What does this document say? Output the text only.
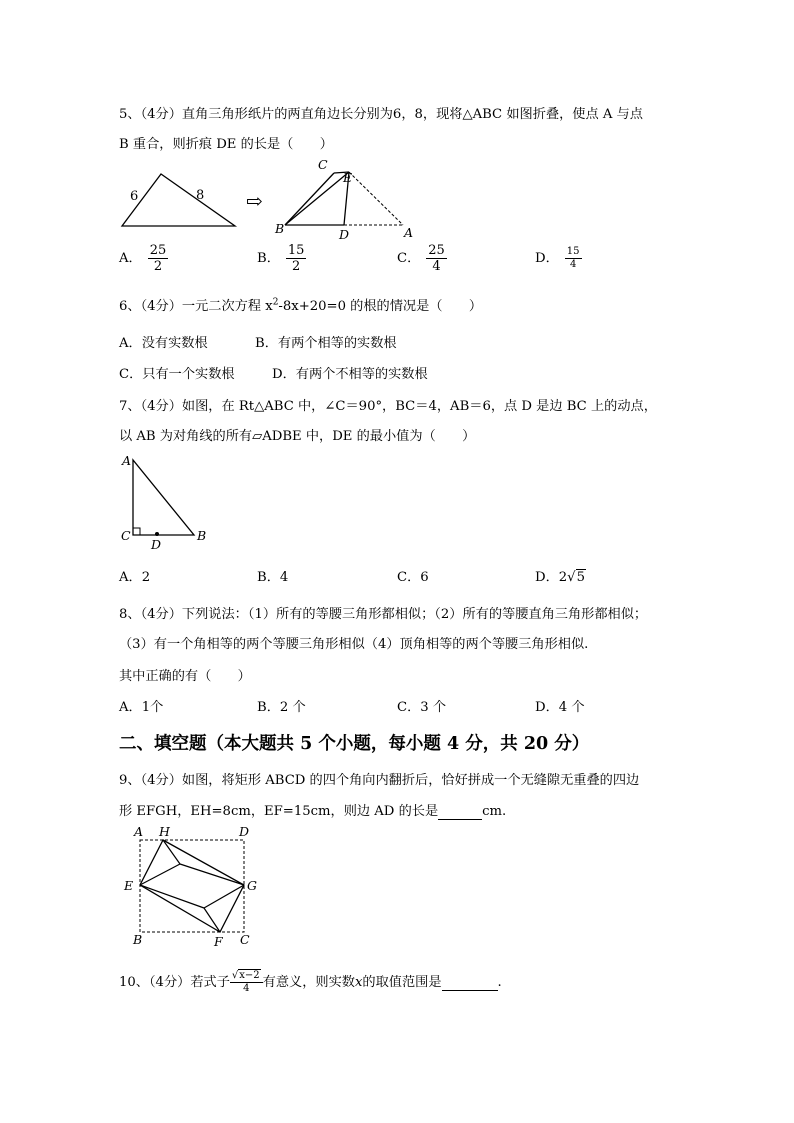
5、（4分）直角三角形纸片的两直角边长分别为6，8，现将△ABC 如图折叠，使点 A 与点
B 重合，则折痕 DE 的长是（　　）
6	8 ⇨
C
E
B	D	A
A． $\frac{25}{2}$	B． $\frac{15}{2}$	C． $\frac{25}{4}$	D． $\frac{15}{4}$
6、（4分）一元二次方程 $x^2-8x+20=0$ 的根的情况是（　　）
A．没有实数根	B．有两个相等的实数根
C．只有一个实数根	D．有两个不相等的实数根
7、（4分）如图，在 Rt△ABC 中，∠C＝90°，BC＝4，AB＝6，点 D 是边 BC 上的动点，
以 AB 为对角线的所有▱ADBE 中，DE 的最小值为（　　）
A
C
D
B
A．2	B．4	C．6	D．2√5
8、（4分）下列说法：（1）所有的等腰三角形都相似；（2）所有的等腰直角三角形都相似；
（3）有一个角相等的两个等腰三角形相似（4）顶角相等的两个等腰三角形相似.
其中正确的有（　　）
A．1个	B．2 个	C．3 个	D．4 个
二、填空题（本大题共 5 个小题，每小题 4 分，共 20 分）
9、（4分）如图，将矩形 ABCD 的四个角向内翻折后，恰好拼成一个无缝隙无重叠的四边
形 EFGH，EH=8cm，EF=15cm，则边 AD 的长是	cm.
A H	D
E	G
B	F C
10、（4分）若式子 $\frac{√x-2}{4}$ 有意义，则实数x的取值范围是	.
